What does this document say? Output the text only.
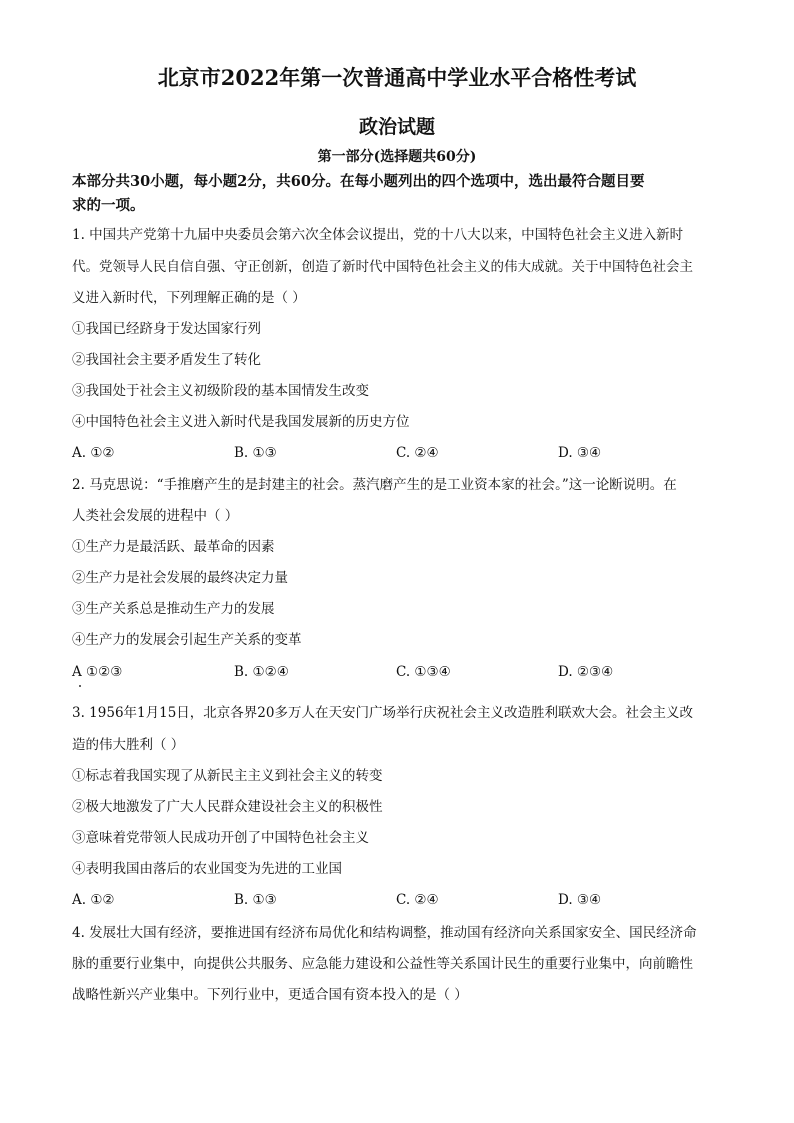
北京市2022年第一次普通高中学业水平合格性考试
政治试题
第一部分(选择题共60分)
本部分共30小题，每小题2分，共60分。在每小题列出的四个选项中，选出最符合题目要
求的一项。
1. 中国共产党第十九届中央委员会第六次全体会议提出，党的十八大以来，中国特色社会主义进入新时
代。党领导人民自信自强、守正创新，创造了新时代中国特色社会主义的伟大成就。关于中国特色社会主
义进入新时代，下列理解正确的是（ ）
①我国已经跻身于发达国家行列
②我国社会主要矛盾发生了转化
③我国处于社会主义初级阶段的基本国情发生改变
④中国特色社会主义进入新时代是我国发展新的历史方位
A. ①②	B. ①③	C. ②④	D. ③④
2. 马克思说：“手推磨产生的是封建主的社会。蒸汽磨产生的是工业资本家的社会。”这一论断说明。在
人类社会发展的进程中（ ）
①生产力是最活跃、最革命的因素
②生产力是社会发展的最终决定力量
③生产关系总是推动生产力的发展
④生产力的发展会引起生产关系的变革
A ①②③	B. ①②④	C. ①③④	D. ②③④
3. 1956年1月15日，北京各界20多万人在天安门广场举行庆祝社会主义改造胜利联欢大会。社会主义改
造的伟大胜利（ ）
①标志着我国实现了从新民主主义到社会主义的转变
②极大地激发了广大人民群众建设社会主义的积极性
③意味着党带领人民成功开创了中国特色社会主义
④表明我国由落后的农业国变为先进的工业国
A. ①②	B. ①③	C. ②④	D. ③④
4. 发展壮大国有经济，要推进国有经济布局优化和结构调整，推动国有经济向关系国家安全、国民经济命
脉的重要行业集中，向提供公共服务、应急能力建设和公益性等关系国计民生的重要行业集中，向前瞻性
战略性新兴产业集中。下列行业中，更适合国有资本投入的是（ ）
